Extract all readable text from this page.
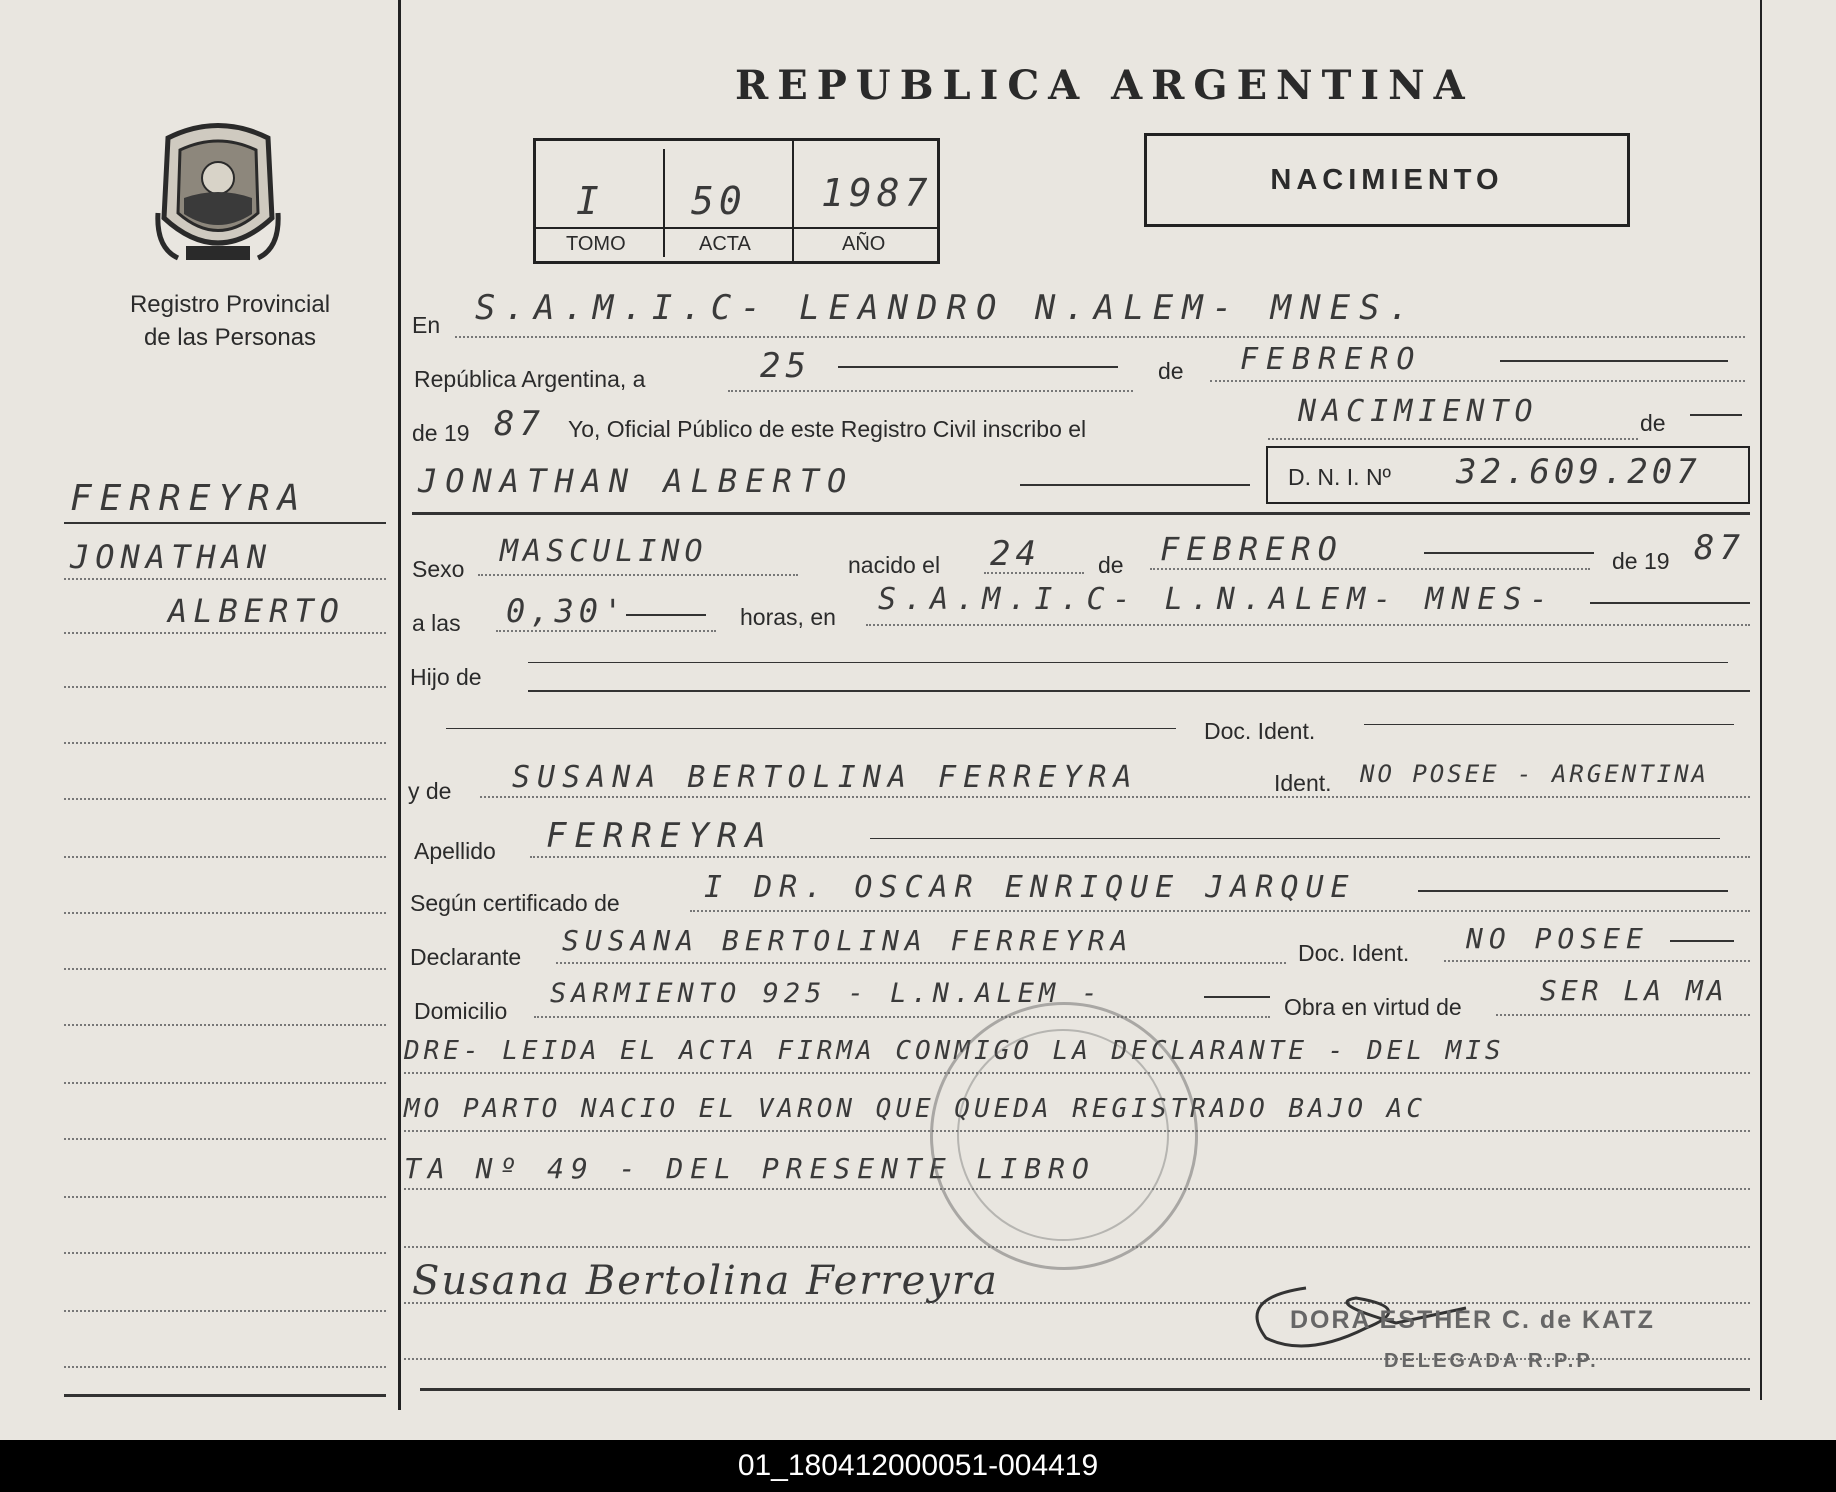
REPUBLICA ARGENTINA
NACIMIENTO
I 50 1987
TOMO	ACTA	AÑO
Registro Provincial
de las Personas
FERREYRA
JONATHAN
ALBERTO
En S.A.M.I.C- LEANDRO N.ALEM- MNES.
República Argentina, a	25	de FEBRERO
de 19 87 Yo, Oficial Público de este Registro Civil inscribo el	NACIMIENTO	de
JONATHAN ALBERTO	D. N. I. Nº 32.609.207
Sexo MASCULINO	nacido el 24 de FEBRERO	de 19 87
a las 0,30'	horas, en S.A.M.I.C- L.N.ALEM- MNES-
Hijo de
Doc. Ident.
y de SUSANA BERTOLINA FERREYRA	Ident. NO POSEE - ARGENTINA
Apellido FERREYRA
Según certificado de	I DR. OSCAR ENRIQUE JARQUE
Declarante SUSANA BERTOLINA FERREYRA	Doc. Ident. NO POSEE
Domicilio
SARMIENTO 925 - L.N.ALEM -	Obra en virtud de	SER LA MA
DRE- LEIDA EL ACTA FIRMA CONMIGO LA DECLARANTE - DEL MIS
MO PARTO NACIO EL VARON QUE QUEDA REGISTRADO BAJO AC
TA Nº 49 - DEL PRESENTE LIBRO
Susana Bertolina Ferreyra
DORA ESTHER C. de KATZ
DELEGADA R.P.P.
01_180412000051-004419
